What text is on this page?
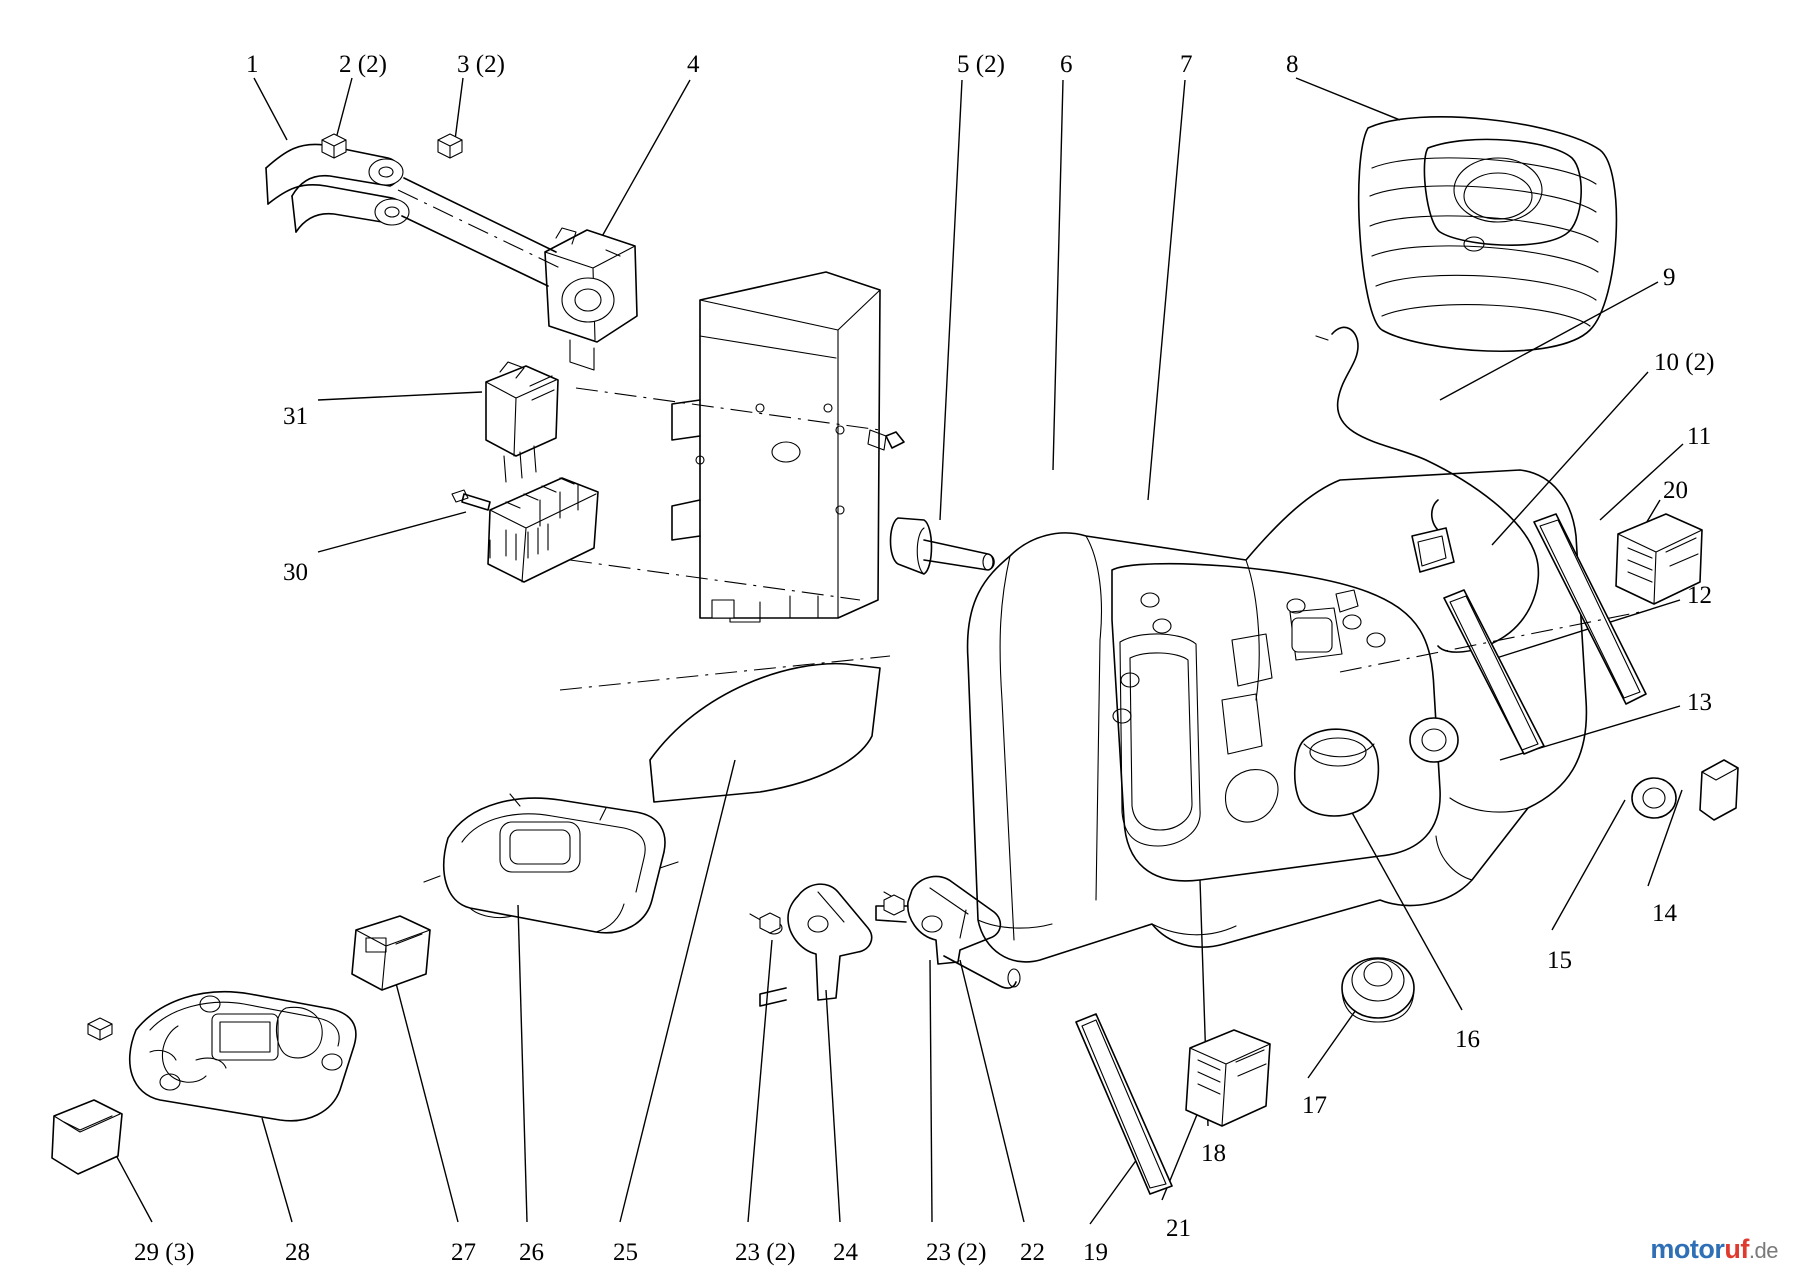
1	2 (2)	3 (2)	4	5 (2) 6	7	8
9
10 (2)
11
20
12
13
14
15
16
17
18
21
19
22
23 (2)
24
23 (2)
25
26
27
28
29 (3)
30
31
motoruf.de
